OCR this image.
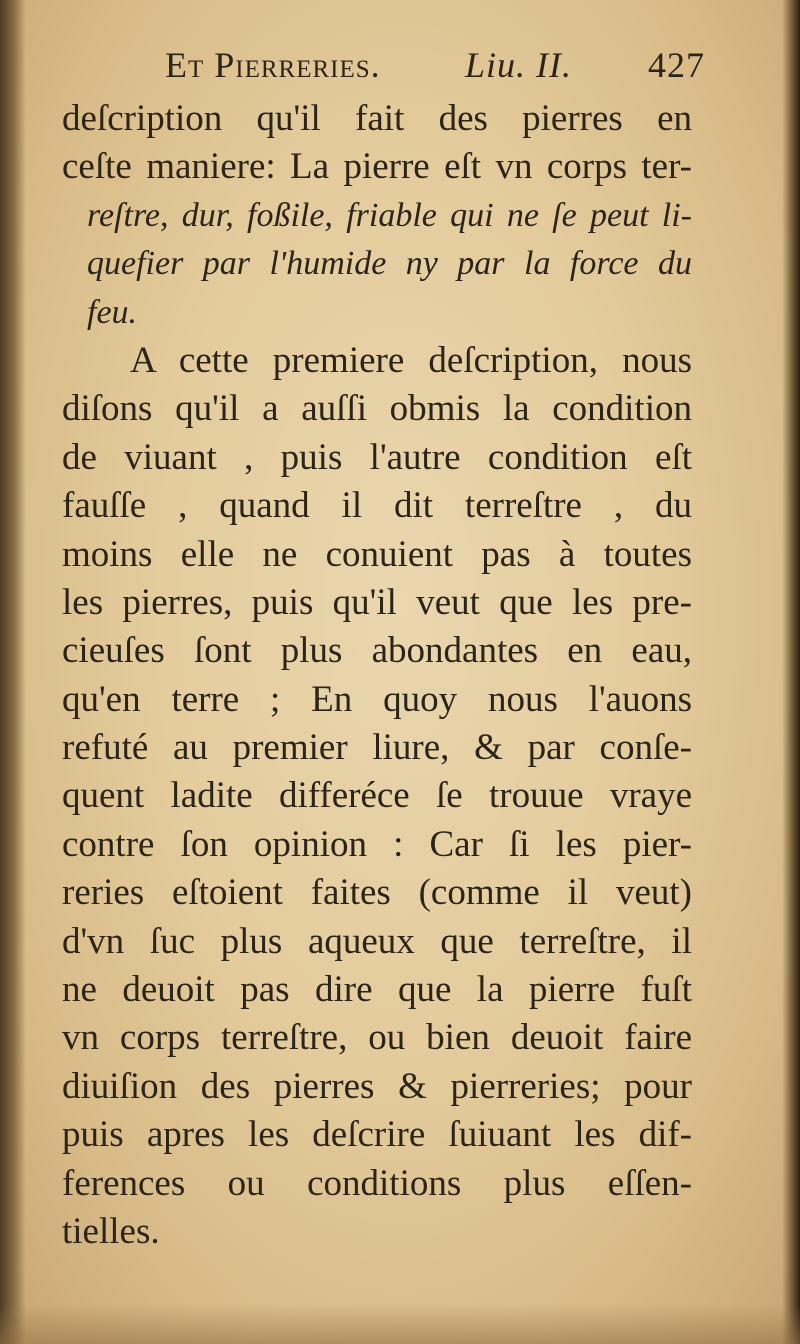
Et Pierreries. Liu. II. 427
deſcription qu'il fait des pierres en
ceſte maniere: La pierre eſt vn corps ter-
reſtre, dur, foßile, friable qui ne ſe peut li-
quefier par l'humide ny par la force du
feu.
A cette premiere deſcription, nous
diſons qu'il a auſſi obmis la condition
de viuant , puis l'autre condition eſt
fauſſe , quand il dit terreſtre , du
moins elle ne conuient pas à toutes
les pierres, puis qu'il veut que les pre-
cieuſes ſont plus abondantes en eau,
qu'en terre ; En quoy nous l'auons
refuté au premier liure, & par conſe-
quent ladite differéce ſe trouue vraye
contre ſon opinion : Car ſi les pier-
reries eſtoient faites (comme il veut)
d'vn ſuc plus aqueux que terreſtre, il
ne deuoit pas dire que la pierre fuſt
vn corps terreſtre, ou bien deuoit faire
diuiſion des pierres & pierreries; pour
puis apres les deſcrire ſuiuant les dif-
ferences ou conditions plus eſſen-
tielles.
